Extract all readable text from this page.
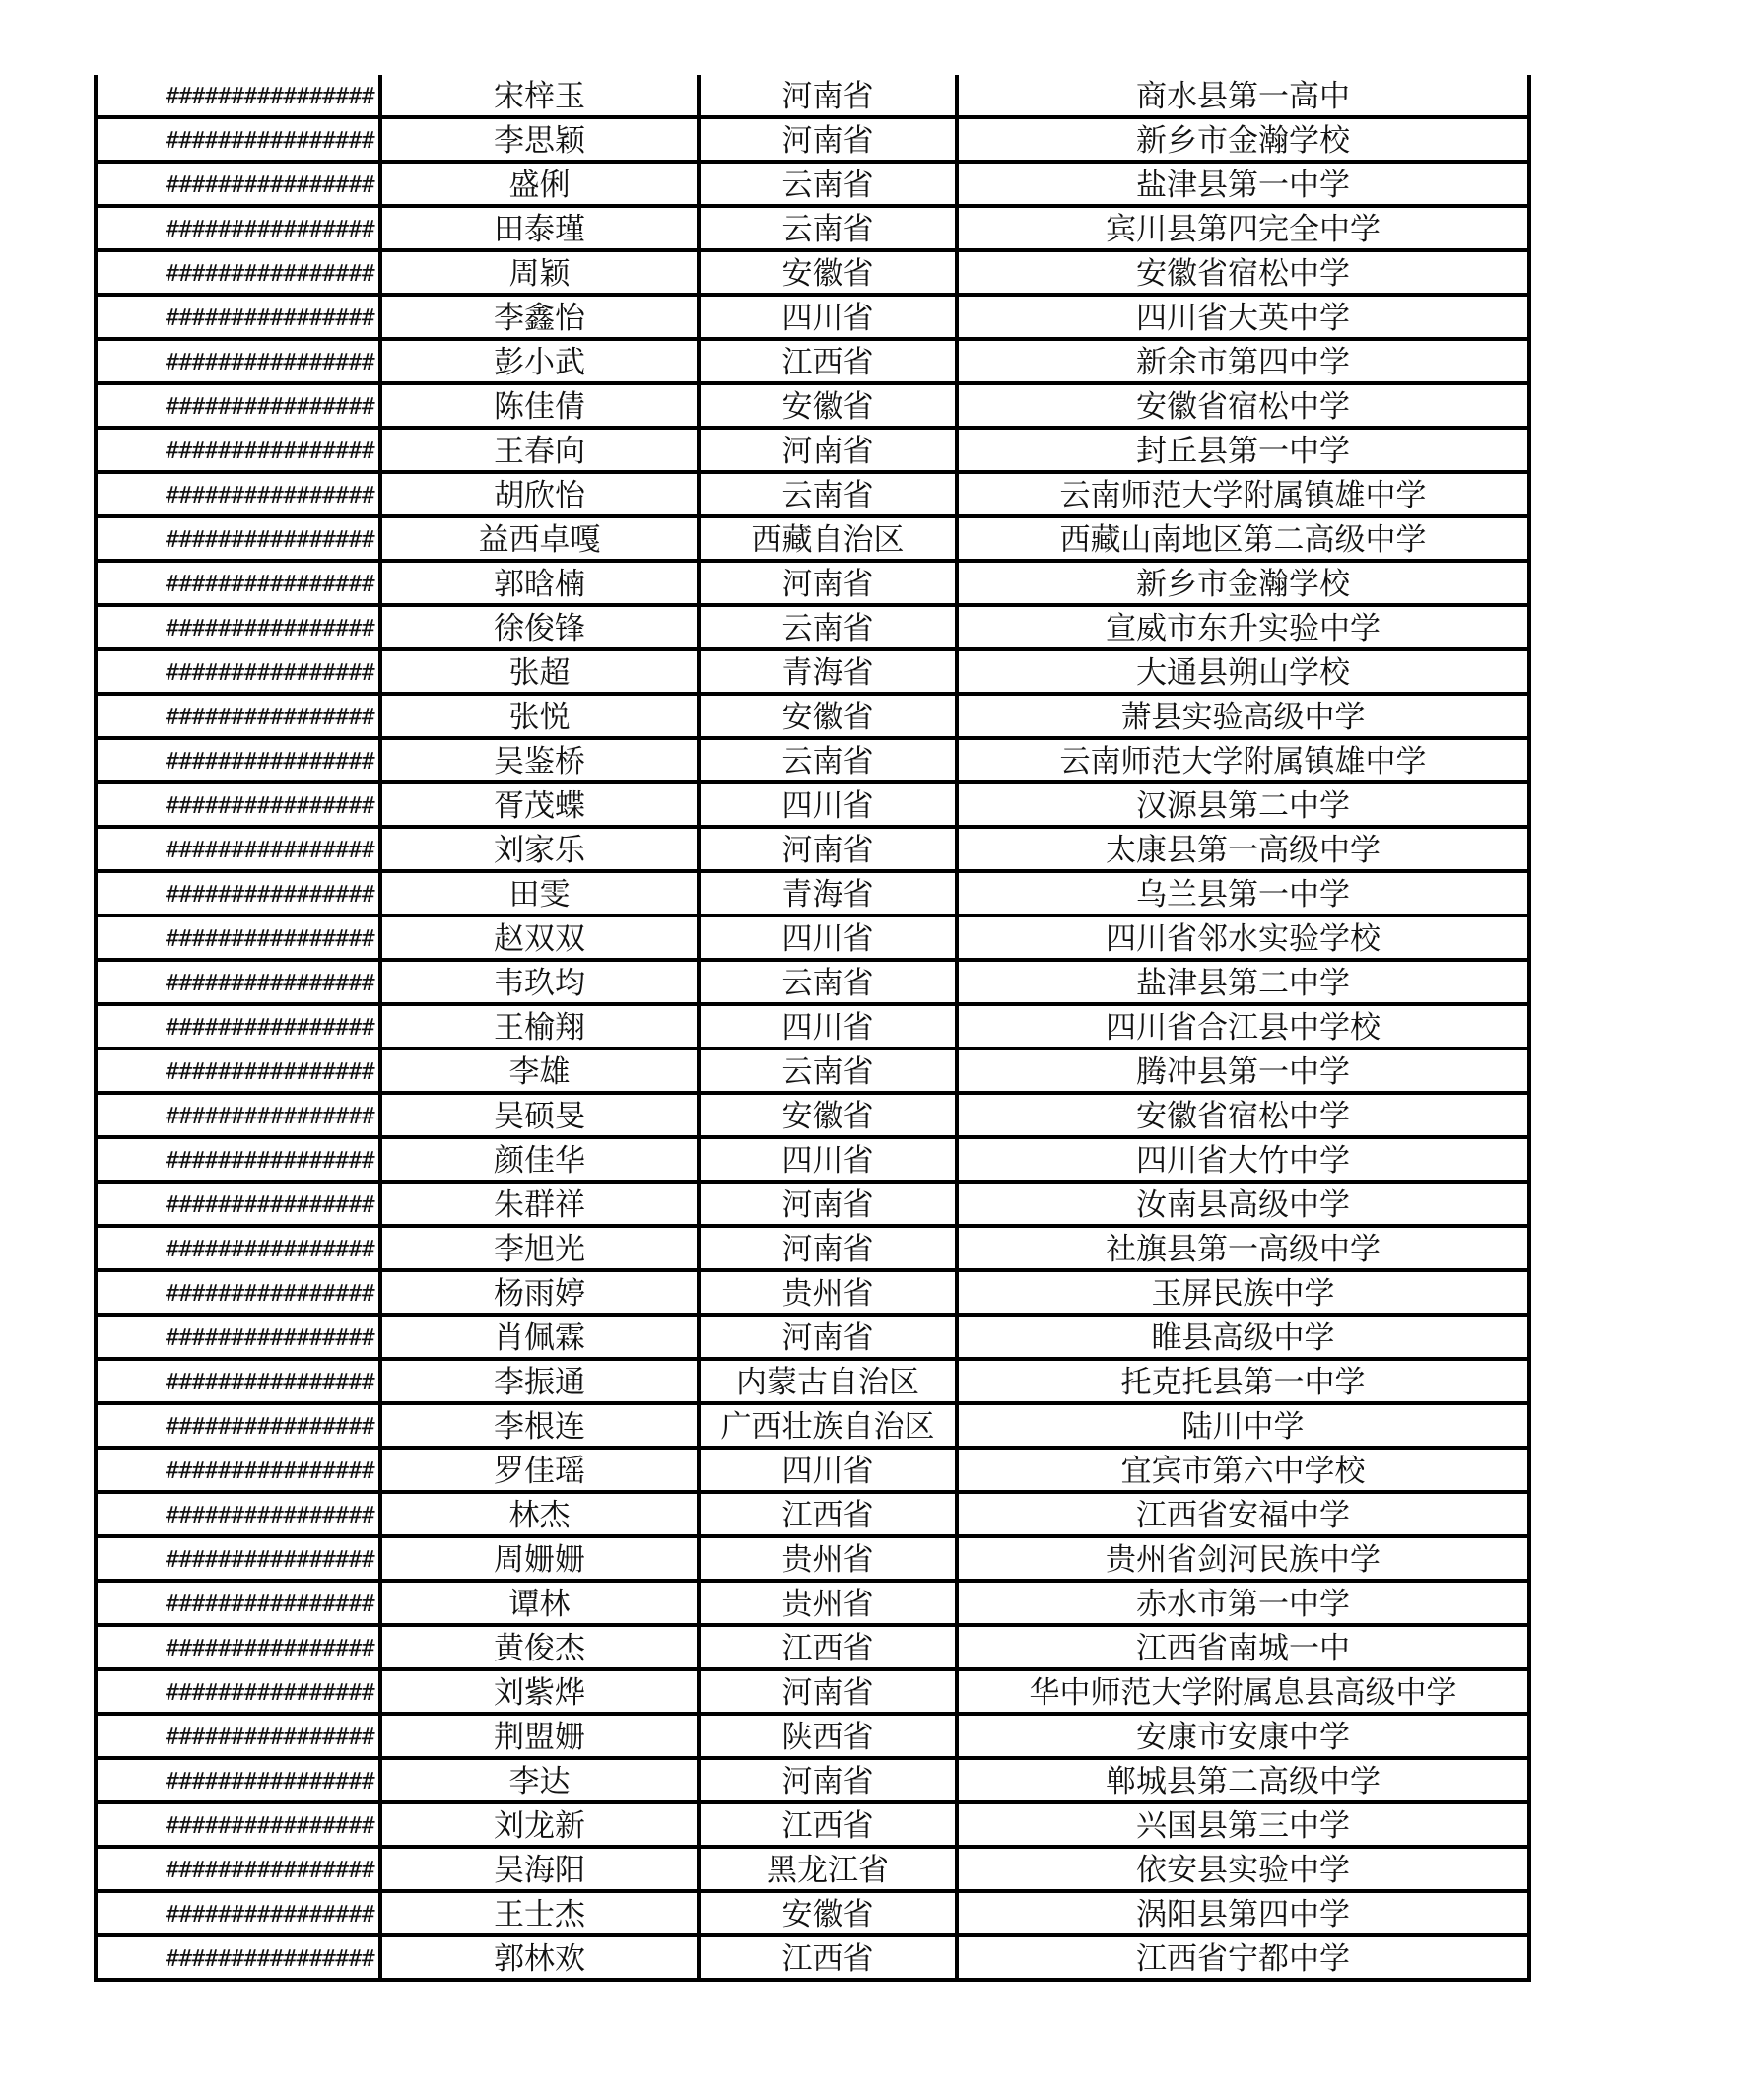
################	宋梓玉	河南省	商水县第一高中
################	李思颖	河南省	新乡市金瀚学校
################	盛俐	云南省	盐津县第一中学
################	田泰瑾	云南省	宾川县第四完全中学
################	周颖	安徽省	安徽省宿松中学
################	李鑫怡	四川省	四川省大英中学
################	彭小武	江西省	新余市第四中学
################	陈佳倩	安徽省	安徽省宿松中学
################	王春向	河南省	封丘县第一中学
################	胡欣怡	云南省	云南师范大学附属镇雄中学
################	益西卓嘎	西藏自治区	西藏山南地区第二高级中学
################	郭晗楠	河南省	新乡市金瀚学校
################	徐俊锋	云南省	宣威市东升实验中学
################	张超	青海省	大通县朔山学校
################	张悦	安徽省	萧县实验高级中学
################	吴鉴桥	云南省	云南师范大学附属镇雄中学
################	胥茂蝶	四川省	汉源县第二中学
################	刘家乐	河南省	太康县第一高级中学
################	田雯	青海省	乌兰县第一中学
################	赵双双	四川省	四川省邻水实验学校
################	韦玖均	云南省	盐津县第二中学
################	王榆翔	四川省	四川省合江县中学校
################	李雄	云南省	腾冲县第一中学
################	吴硕旻	安徽省	安徽省宿松中学
################	颜佳华	四川省	四川省大竹中学
################	朱群祥	河南省	汝南县高级中学
################	李旭光	河南省	社旗县第一高级中学
################	杨雨婷	贵州省	玉屏民族中学
################	肖佩霖	河南省	睢县高级中学
################	李振通	内蒙古自治区	托克托县第一中学
################	李根连	广西壮族自治区	陆川中学
################	罗佳瑶	四川省	宜宾市第六中学校
################	林杰	江西省	江西省安福中学
################	周姗姗	贵州省	贵州省剑河民族中学
################	谭林	贵州省	赤水市第一中学
################	黄俊杰	江西省	江西省南城一中
################	刘紫烨	河南省	华中师范大学附属息县高级中学
################	荆盟姗	陕西省	安康市安康中学
################	李达	河南省	郸城县第二高级中学
################	刘龙新	江西省	兴国县第三中学
################	吴海阳	黑龙江省	依安县实验中学
################	王士杰	安徽省	涡阳县第四中学
################	郭林欢	江西省	江西省宁都中学
